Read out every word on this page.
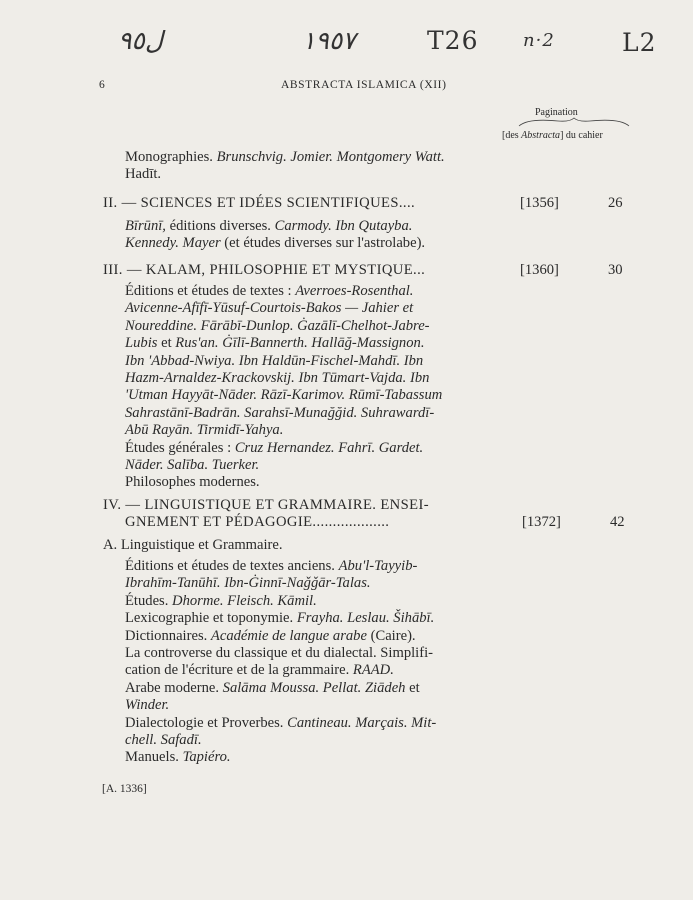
ل٩٥	١٩٥٧	T26 n·2	L2
6	ABSTRACTA ISLAMICA (XII)
Pagination
[des Abstracta] du cahier
Monographies. Brunschvig. Jomier. Montgomery Watt.
Hadīt.
II. — SCIENCES ET IDÉES SCIENTIFIQUES....	[1356]	26
Bīrūnī, éditions diverses. Carmody. Ibn Qutayba.
Kennedy. Mayer (et études diverses sur l'astrolabe).
III. — KALAM, PHILOSOPHIE ET MYSTIQUE...	[1360]	30
Éditions et études de textes : Averroes-Rosenthal.
Avicenne-Afīfī-Yūsuf-Courtois-Bakos — Jahier et
Noureddine. Fārābī-Dunlop. Ġazālī-Chelhot-Jabre-
Lubis et Rus'an. Ġīlī-Bannerth. Hallāğ-Massignon.
Ibn 'Abbad-Nwiya. Ibn Haldūn-Fischel-Mahdī. Ibn
Hazm-Arnaldez-Krackovskij. Ibn Tūmart-Vajda. Ibn
'Utman Hayyāt-Nāder. Rāzī-Karimov. Rūmī-Tabassum
Sahrastānī-Badrān. Sarahsī-Munağğid. Suhrawardī-
Abū Rayān. Tirmidī-Yahya.
Études générales : Cruz Hernandez. Fahrī. Gardet.
Nāder. Salība. Tuerker.
Philosophes modernes.
IV. — LINGUISTIQUE ET GRAMMAIRE. ENSEI-
GNEMENT ET PÉDAGOGIE...................	[1372]	42
A. Linguistique et Grammaire.
Éditions et études de textes anciens. Abu'l-Tayyib-
Ibrahīm-Tanūhī. Ibn-Ġinnī-Naǧǧār-Talas.
Études. Dhorme. Fleisch. Kāmil.
Lexicographie et toponymie. Frayha. Leslau. Šihābī.
Dictionnaires. Académie de langue arabe (Caire).
La controverse du classique et du dialectal. Simplifi-
cation de l'écriture et de la grammaire. RAAD.
Arabe moderne. Salāma Moussa. Pellat. Ziādeh et
Winder.
Dialectologie et Proverbes. Cantineau. Marçais. Mit-
chell. Safadī.
Manuels. Tapiéro.
[A. 1336]
